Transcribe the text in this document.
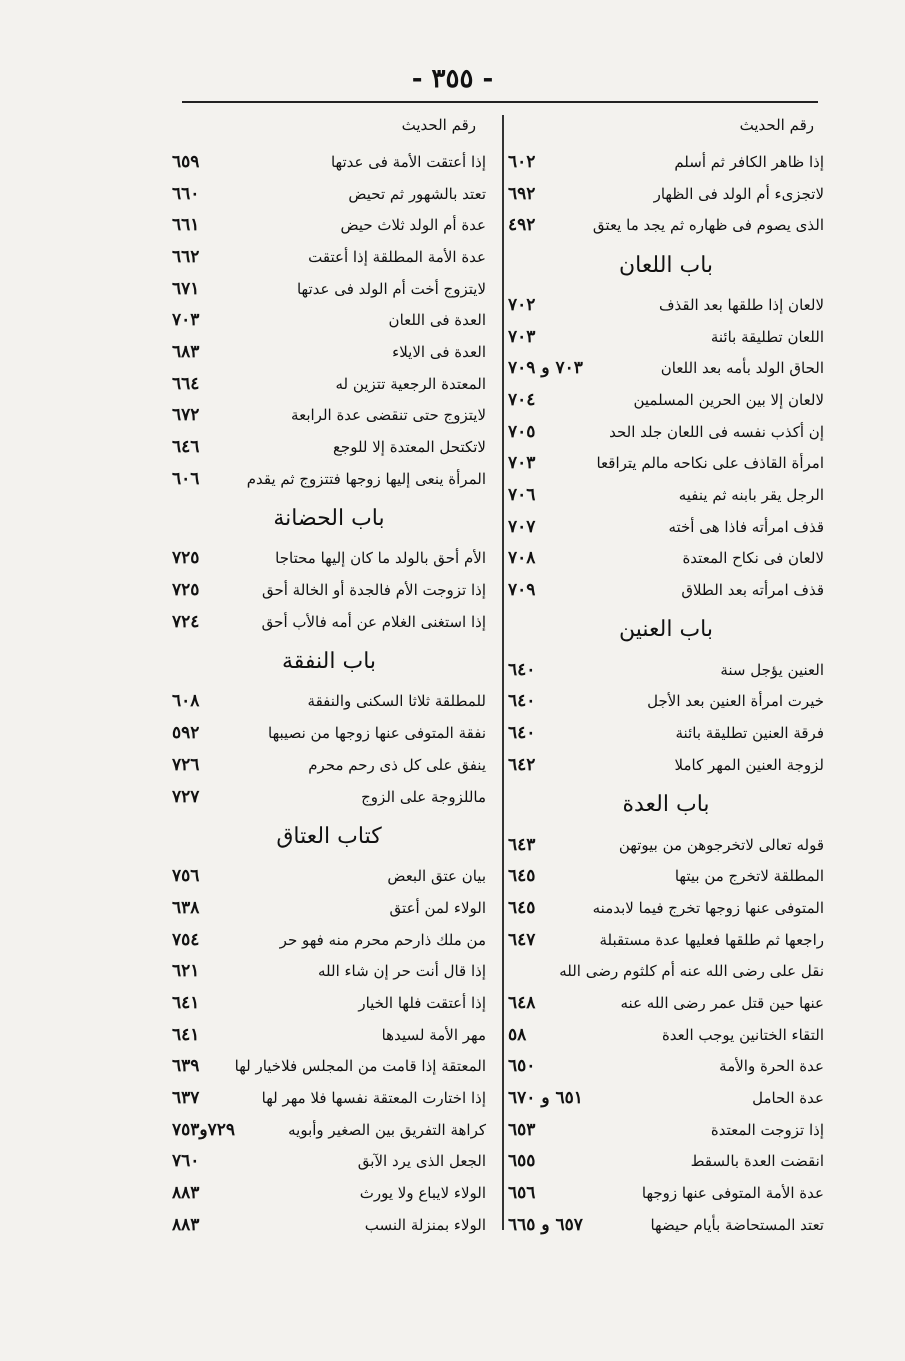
- ٣٥٥ -
رقم الحديث
إذا ظاهر الكافر ثم أسلم
٦٠٢
لاتجزىء أم الولد فى الظهار
٦٩٢
الذى يصوم فى ظهاره ثم يجد ما يعتق
٤٩٢
باب اللعان
لالعان إذا طلقها بعد القذف
٧٠٢
اللعان تطليقة بائنة
٧٠٣
الحاق الولد بأمه بعد اللعان
٧٠٣ و ٧٠٩
لالعان إلا بين الحرين المسلمين
٧٠٤
إن أكذب نفسه فى اللعان جلد الحد
٧٠٥
امرأة القاذف على نكاحه مالم يتراقعا
٧٠٣
الرجل يقر بابنه ثم ينفيه
٧٠٦
قذف امرأته فاذا هى أخته
٧٠٧
لالعان فى نكاح المعتدة
٧٠٨
قذف امرأته بعد الطلاق
٧٠٩
باب العنين
العنين يؤجل سنة
٦٤٠
خيرت امرأة العنين بعد الأجل
٦٤٠
فرقة العنين تطليقة بائنة
٦٤٠
لزوجة العنين المهر كاملا
٦٤٢
باب العدة
قوله تعالى لاتخرجوهن من بيوتهن
٦٤٣
المطلقة لاتخرج من بيتها
٦٤٥
المتوفى عنها زوجها تخرج فيما لابدمنه
٦٤٥
راجعها ثم طلقها فعليها عدة مستقبلة
٦٤٧
نقل على رضى الله عنه أم كلثوم رضى الله
عنها حين قتل عمر رضى الله عنه
٦٤٨
التقاء الختانين يوجب العدة
٥٨
عدة الحرة والأمة
٦٥٠
عدة الحامل
٦٥١ و ٦٧٠
إذا تزوجت المعتدة
٦٥٣
انقضت العدة بالسقط
٦٥٥
عدة الأمة المتوفى عنها زوجها
٦٥٦
تعتد المستحاضة بأيام حيضها
٦٥٧ و ٦٦٥
رقم الحديث
إذا أعتقت الأمة فى عدتها
٦٥٩
تعتد بالشهور ثم تحيض
٦٦٠
عدة أم الولد ثلاث حيض
٦٦١
عدة الأمة المطلقة إذا أعتقت
٦٦٢
لايتزوج أخت أم الولد فى عدتها
٦٧١
العدة فى اللعان
٧٠٣
العدة فى الايلاء
٦٨٣
المعتدة الرجعية تتزين له
٦٦٤
لايتزوج حتى تنقضى عدة الرابعة
٦٧٢
لاتكتحل المعتدة إلا للوجع
٦٤٦
المرأة ينعى إليها زوجها فتتزوج ثم يقدم
٦٠٦
باب الحضانة
الأم أحق بالولد ما كان إليها محتاجا
٧٢٥
إذا تزوجت الأم فالجدة أو الخالة أحق
٧٢٥
إذا استغنى الغلام عن أمه فالأب أحق
٧٢٤
باب النفقة
للمطلقة ثلاثا السكنى والنفقة
٦٠٨
نفقة المتوفى عنها زوجها من نصيبها
٥٩٢
ينفق على كل ذى رحم محرم
٧٢٦
ماللزوجة على الزوج
٧٢٧
كتاب العتاق
بيان عتق البعض
٧٥٦
الولاء لمن أعتق
٦٣٨
من ملك ذارحم محرم منه فهو حر
٧٥٤
إذا قال أنت حر إن شاء الله
٦٢١
إذا أعتقت فلها الخيار
٦٤١
مهر الأمة لسيدها
٦٤١
المعتقة إذا قامت من المجلس فلاخيار لها
٦٣٩
إذا اختارت المعتقة نفسها فلا مهر لها
٦٣٧
كراهة التفريق بين الصغير وأبويه
٧٢٩و٧٥٣
الجعل الذى يرد الآبق
٧٦٠
الولاء لايباع ولا يورث
٨٨٣
الولاء بمنزلة النسب
٨٨٣
